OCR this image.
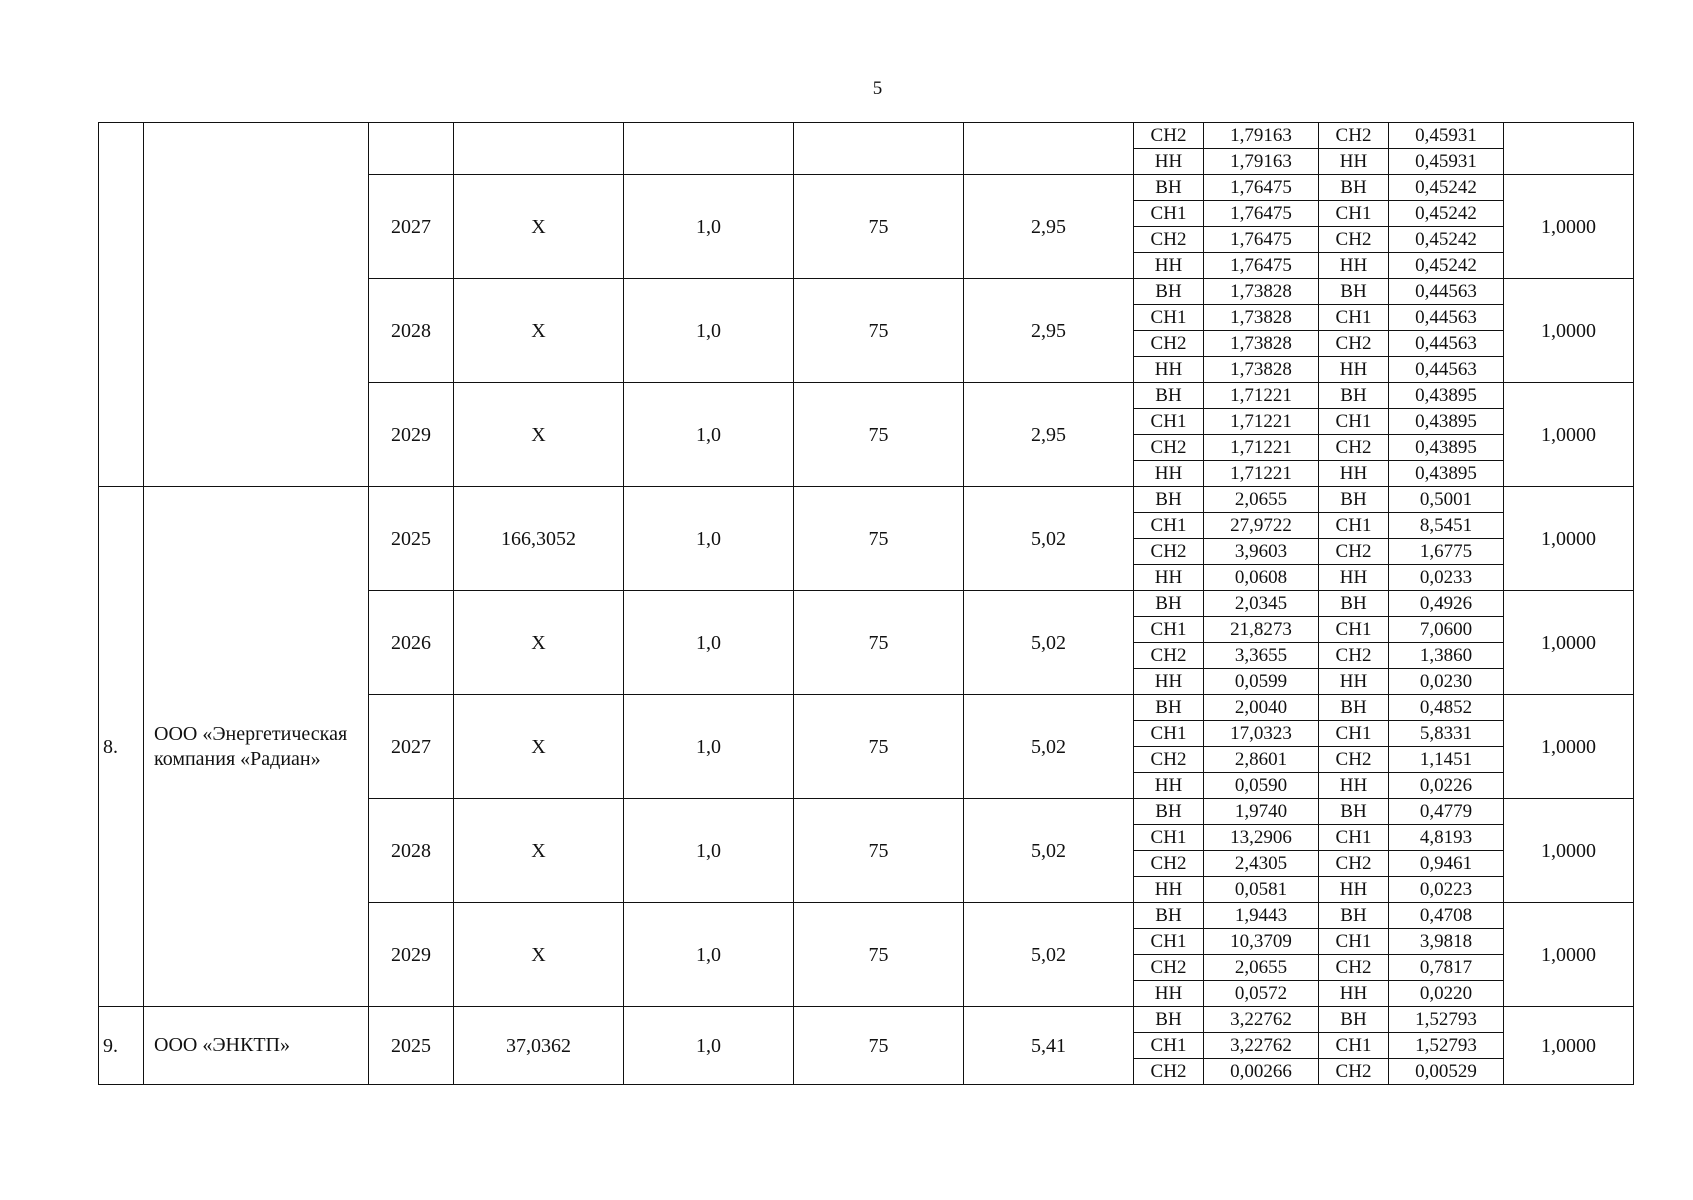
5
							СН2	1,79163	СН2	0,45931	
							НН	1,79163	НН	0,45931	
		2027	X	1,0	75	2,95	ВН	1,76475	ВН	0,45242	1,0000
							СН1	1,76475	СН1	0,45242	
							СН2	1,76475	СН2	0,45242	
							НН	1,76475	НН	0,45242	
		2028	X	1,0	75	2,95	ВН	1,73828	ВН	0,44563	1,0000
							СН1	1,73828	СН1	0,44563	
							СН2	1,73828	СН2	0,44563	
							НН	1,73828	НН	0,44563	
		2029	X	1,0	75	2,95	ВН	1,71221	ВН	0,43895	1,0000
							СН1	1,71221	СН1	0,43895	
							СН2	1,71221	СН2	0,43895	
							НН	1,71221	НН	0,43895	
8.	ООО «Энергетическая компания «Радиан»	2025	166,3052	1,0	75	5,02	ВН	2,0655	ВН	0,5001	1,0000
							СН1	27,9722	СН1	8,5451	
							СН2	3,9603	СН2	1,6775	
							НН	0,0608	НН	0,0233	
		2026	X	1,0	75	5,02	ВН	2,0345	ВН	0,4926	1,0000
							СН1	21,8273	СН1	7,0600	
							СН2	3,3655	СН2	1,3860	
							НН	0,0599	НН	0,0230	
		2027	X	1,0	75	5,02	ВН	2,0040	ВН	0,4852	1,0000
							СН1	17,0323	СН1	5,8331	
							СН2	2,8601	СН2	1,1451	
							НН	0,0590	НН	0,0226	
		2028	X	1,0	75	5,02	ВН	1,9740	ВН	0,4779	1,0000
							СН1	13,2906	СН1	4,8193	
							СН2	2,4305	СН2	0,9461	
							НН	0,0581	НН	0,0223	
		2029	X	1,0	75	5,02	ВН	1,9443	ВН	0,4708	1,0000
							СН1	10,3709	СН1	3,9818	
							СН2	2,0655	СН2	0,7817	
							НН	0,0572	НН	0,0220	
9.	ООО «ЭНКТП»	2025	37,0362	1,0	75	5,41	ВН	3,22762	ВН	1,52793	1,0000
							СН1	3,22762	СН1	1,52793	
							СН2	0,00266	СН2	0,00529	
